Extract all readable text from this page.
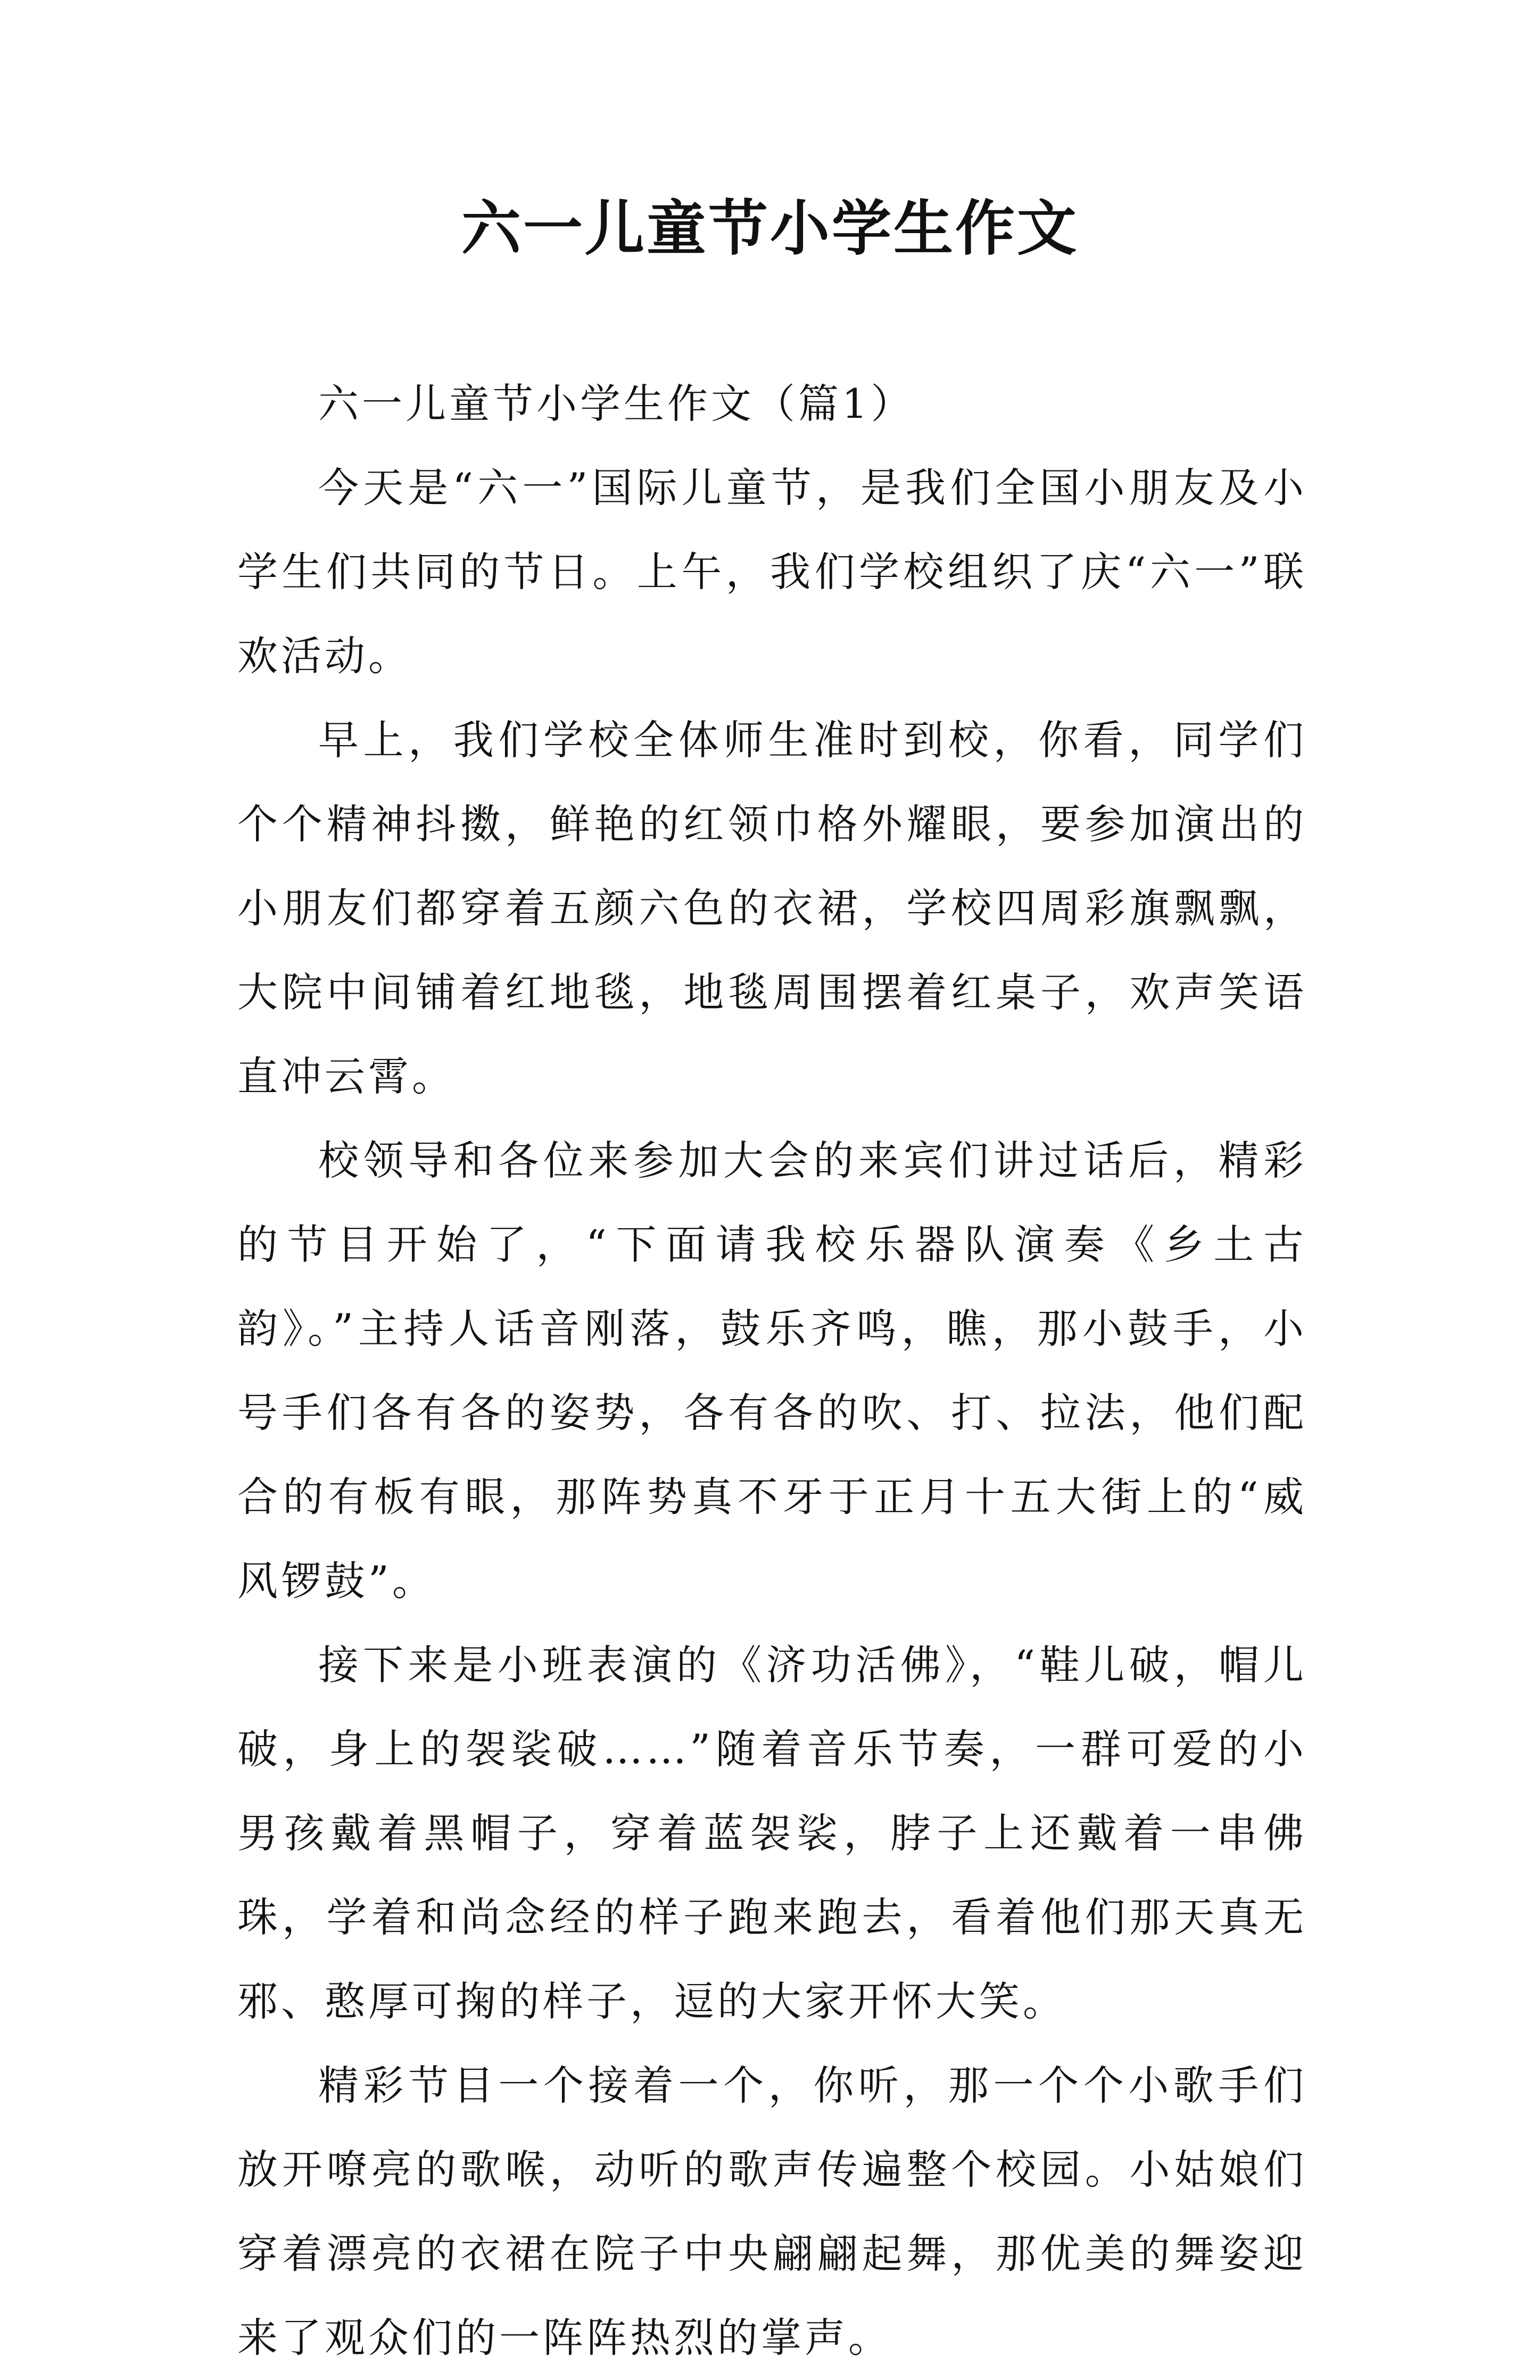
六一儿童节小学生作文

六一儿童节小学生作文（篇1）

今天是“六一”国际儿童节，是我们全国小朋友及小学生们共同的节日。上午，我们学校组织了庆“六一”联欢活动。

早上，我们学校全体师生准时到校，你看，同学们个个精神抖擞，鲜艳的红领巾格外耀眼，要参加演出的小朋友们都穿着五颜六色的衣裙，学校四周彩旗飘飘，大院中间铺着红地毯，地毯周围摆着红桌子，欢声笑语直冲云霄。

校领导和各位来参加大会的来宾们讲过话后，精彩的节目开始了，“下面请我校乐器队演奏《乡土古韵》。”主持人话音刚落，鼓乐齐鸣，瞧，那小鼓手，小号手们各有各的姿势，各有各的吹、打、拉法，他们配合的有板有眼，那阵势真不牙于正月十五大街上的“威风锣鼓”。

接下来是小班表演的《济功活佛》，“鞋儿破，帽儿破，身上的袈裟破……”随着音乐节奏，一群可爱的小男孩戴着黑帽子，穿着蓝袈裟，脖子上还戴着一串佛珠，学着和尚念经的样子跑来跑去，看着他们那天真无邪、憨厚可掬的样子，逗的大家开怀大笑。

精彩节目一个接着一个，你听，那一个个小歌手们放开嘹亮的歌喉，动听的歌声传遍整个校园。小姑娘们穿着漂亮的衣裙在院子中央翩翩起舞，那优美的舞姿迎来了观众们的一阵阵热烈的掌声。
